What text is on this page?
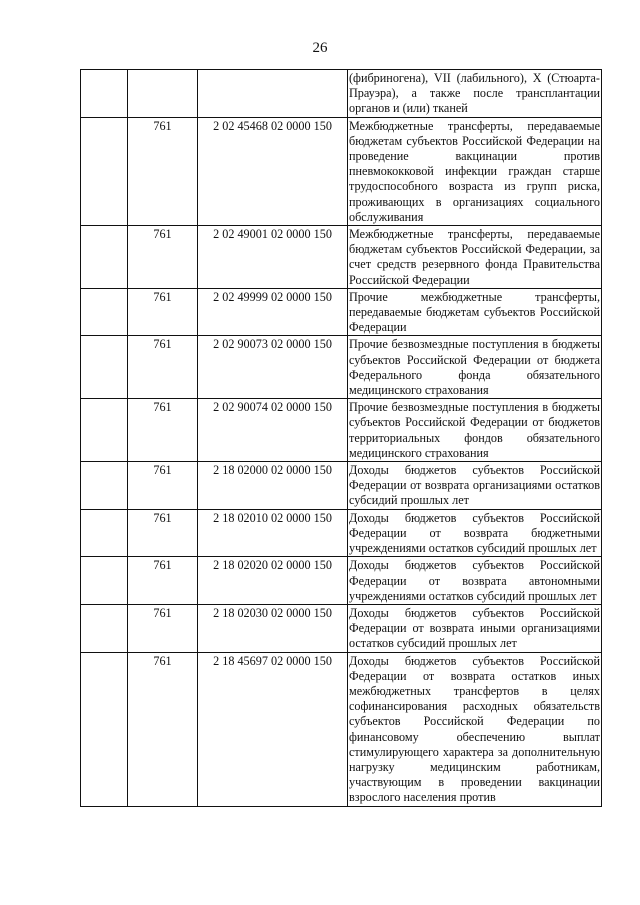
26
			(фибриногена), VII (лабильного), X (Стюарта-Прауэра), а также после трансплантации органов и (или) тканей
	761	2 02 45468 02 0000 150	Межбюджетные трансферты, передаваемые бюджетам субъектов Российской Федерации на проведение вакцинации против пневмококковой инфекции граждан старше трудоспособного возраста из групп риска, проживающих в организациях социального обслуживания
	761	2 02 49001 02 0000 150	Межбюджетные трансферты, передаваемые бюджетам субъектов Российской Федерации, за счет средств резервного фонда Правительства Российской Федерации
	761	2 02 49999 02 0000 150	Прочие межбюджетные трансферты, передаваемые бюджетам субъектов Российской Федерации
	761	2 02 90073 02 0000 150	Прочие безвозмездные поступления в бюджеты субъектов Российской Федерации от бюджета Федерального фонда обязательного медицинского страхования
	761	2 02 90074 02 0000 150	Прочие безвозмездные поступления в бюджеты субъектов Российской Федерации от бюджетов территориальных фондов обязательного медицинского страхования
	761	2 18 02000 02 0000 150	Доходы бюджетов субъектов Российской Федерации от возврата организациями остатков субсидий прошлых лет
	761	2 18 02010 02 0000 150	Доходы бюджетов субъектов Российской Федерации от возврата бюджетными учреждениями остатков субсидий прошлых лет
	761	2 18 02020 02 0000 150	Доходы бюджетов субъектов Российской Федерации от возврата автономными учреждениями остатков субсидий прошлых лет
	761	2 18 02030 02 0000 150	Доходы бюджетов субъектов Российской Федерации от возврата иными организациями остатков субсидий прошлых лет
	761	2 18 45697 02 0000 150	Доходы бюджетов субъектов Российской Федерации от возврата остатков иных межбюджетных трансфертов в целях софинансирования расходных обязательств субъектов Российской Федерации по финансовому обеспечению выплат стимулирующего характера за дополнительную нагрузку медицинским работникам, участвующим в проведении вакцинации взрослого населения против
